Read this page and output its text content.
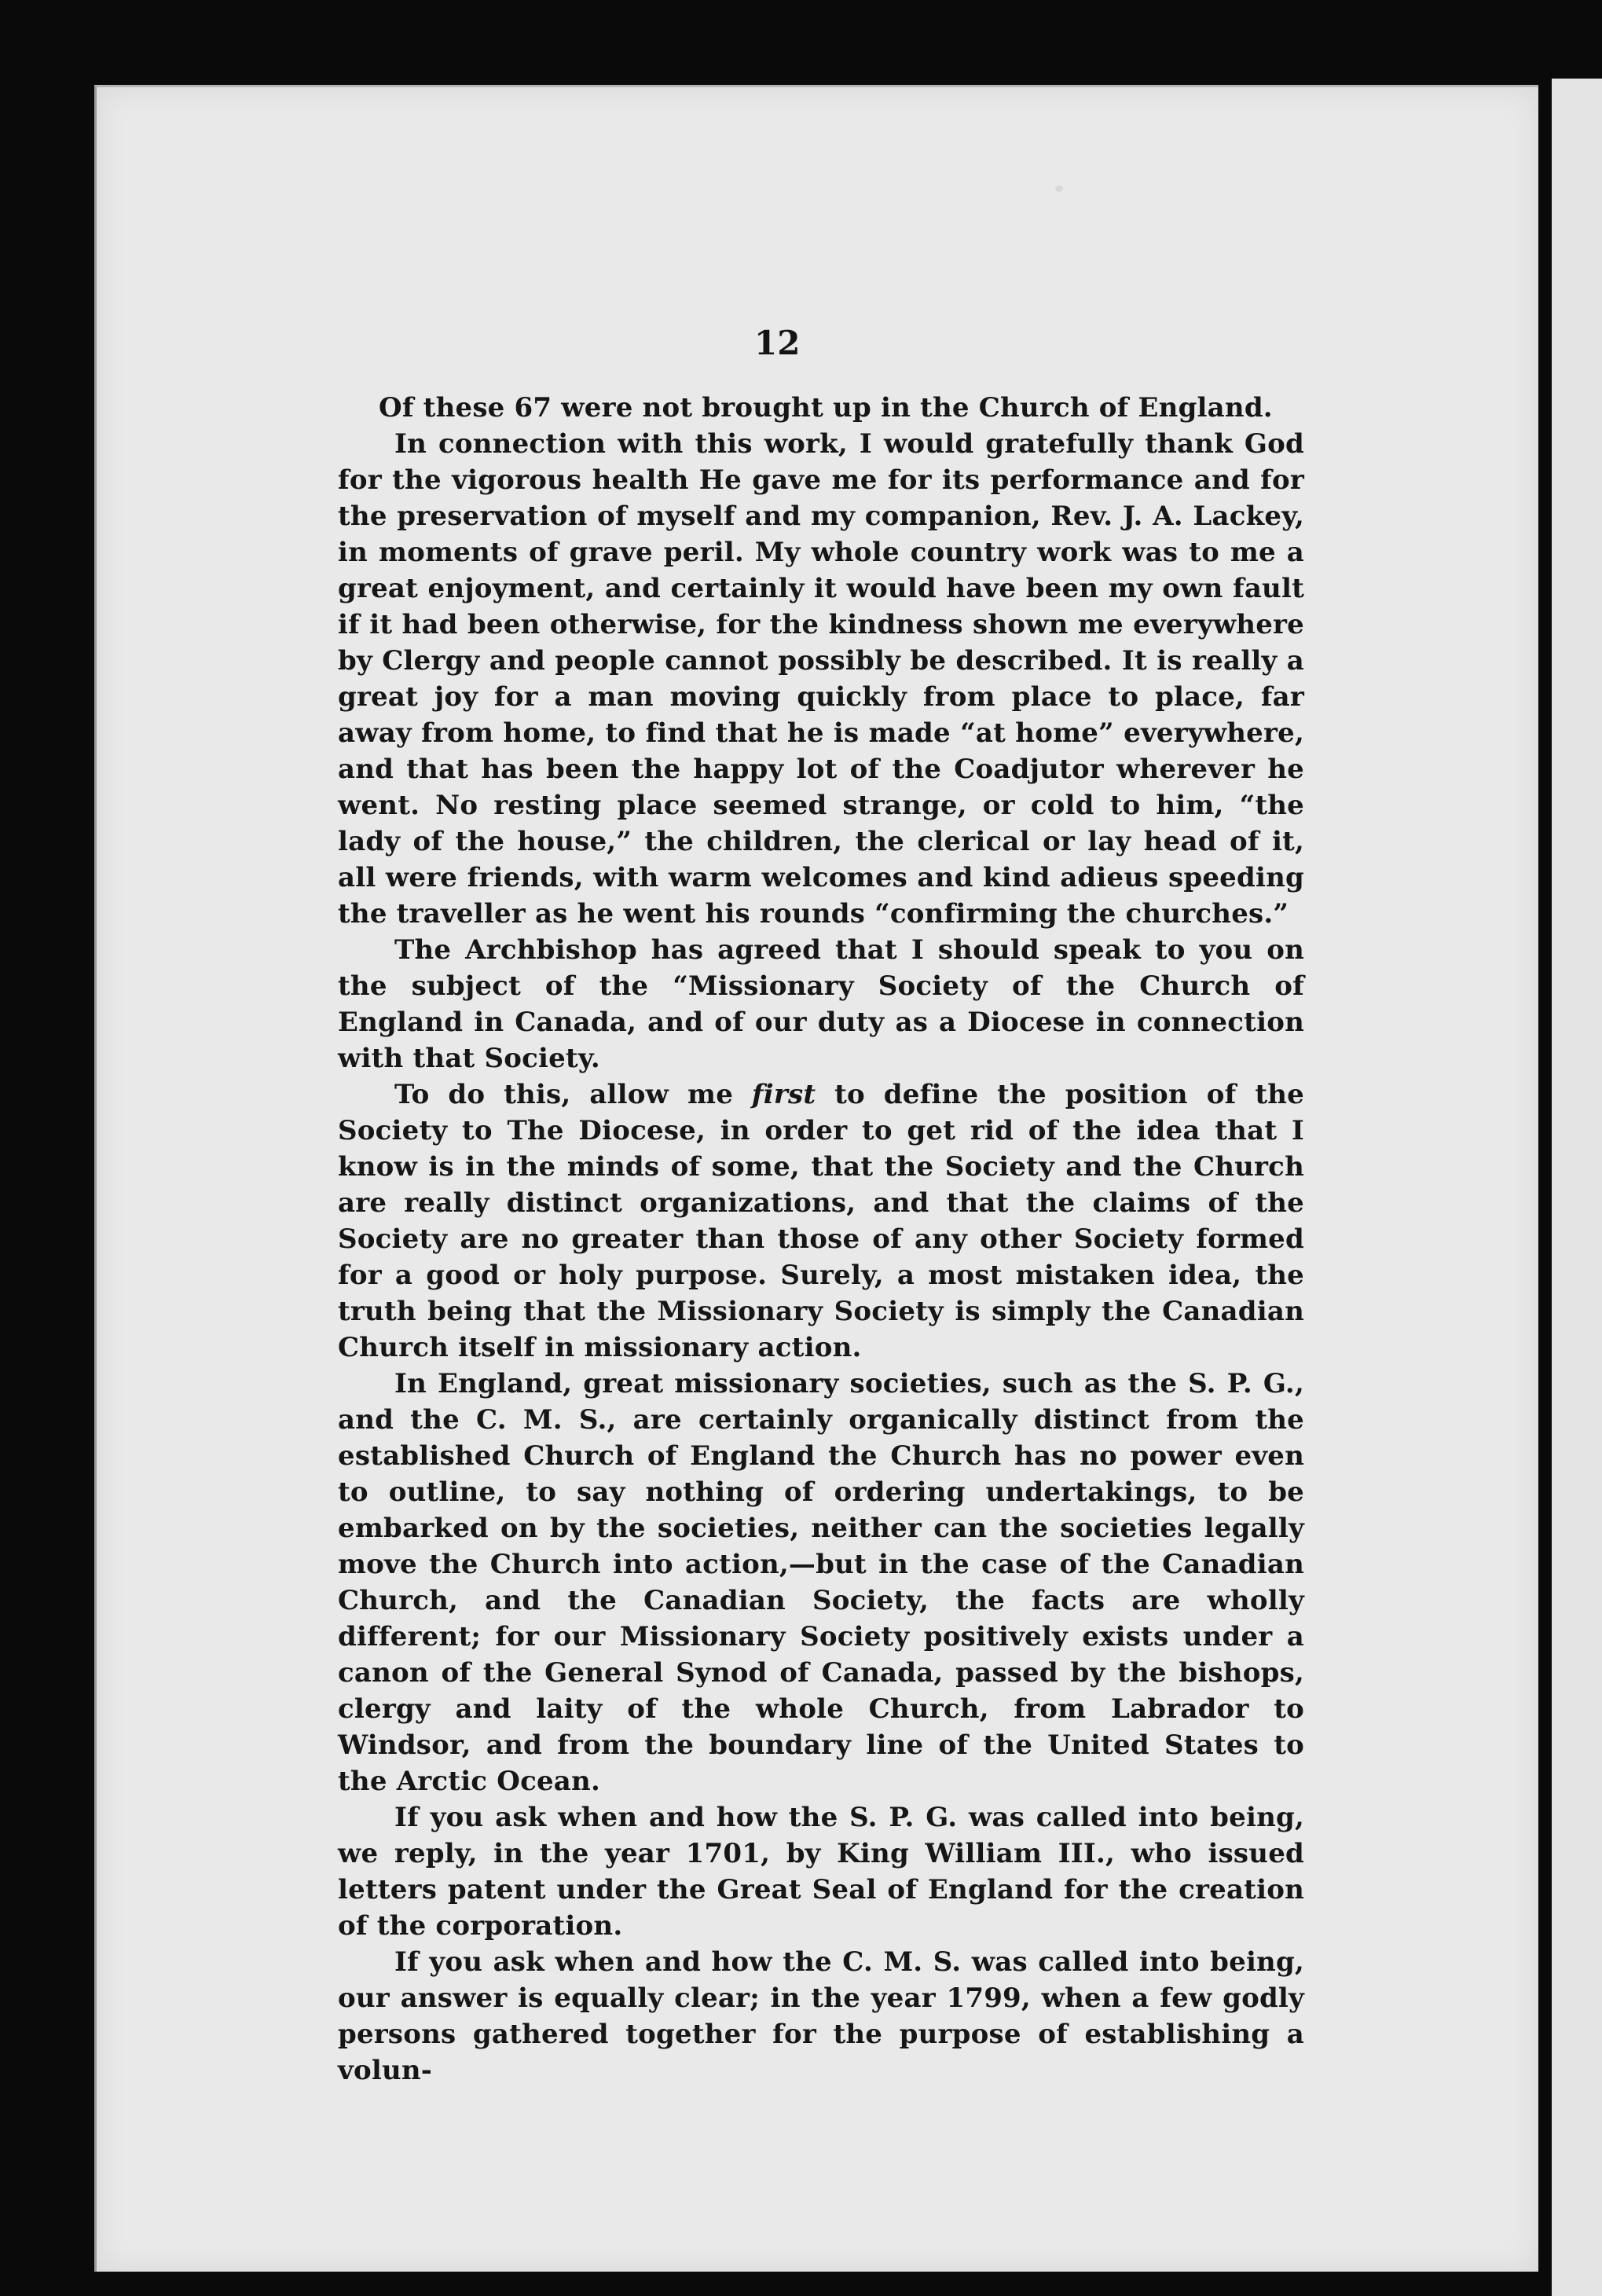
12

Of these 67 were not brought up in the Church of England.

In connection with this work, I would gratefully thank God for the vigorous health He gave me for its performance and for the preservation of myself and my companion, Rev. J. A. Lackey, in moments of grave peril. My whole country work was to me a great enjoyment, and certainly it would have been my own fault if it had been otherwise, for the kindness shown me everywhere by Clergy and people cannot possibly be described. It is really a great joy for a man moving quickly from place to place, far away from home, to find that he is made “at home” everywhere, and that has been the happy lot of the Coadjutor wherever he went. No resting place seemed strange, or cold to him, “the lady of the house,” the children, the clerical or lay head of it, all were friends, with warm welcomes and kind adieus speeding the traveller as he went his rounds “confirming the churches.”

The Archbishop has agreed that I should speak to you on the subject of the “Missionary Society of the Church of England in Canada, and of our duty as a Diocese in connection with that Society.

To do this, allow me first to define the position of the Society to The Diocese, in order to get rid of the idea that I know is in the minds of some, that the Society and the Church are really distinct organizations, and that the claims of the Society are no greater than those of any other Society formed for a good or holy purpose. Surely, a most mistaken idea, the truth being that the Missionary Society is simply the Canadian Church itself in missionary action.

In England, great missionary societies, such as the S. P. G., and the C. M. S., are certainly organically distinct from the established Church of England the Church has no power even to outline, to say nothing of ordering undertakings, to be embarked on by the societies, neither can the societies legally move the Church into action,—but in the case of the Canadian Church, and the Canadian Society, the facts are wholly different; for our Missionary Society positively exists under a canon of the General Synod of Canada, passed by the bishops, clergy and laity of the whole Church, from Labrador to Windsor, and from the boundary line of the United States to the Arctic Ocean.

If you ask when and how the S. P. G. was called into being, we reply, in the year 1701, by King William III., who issued letters patent under the Great Seal of England for the creation of the corporation.

If you ask when and how the C. M. S. was called into being, our answer is equally clear; in the year 1799, when a few godly persons gathered together for the purpose of establishing a volun-
